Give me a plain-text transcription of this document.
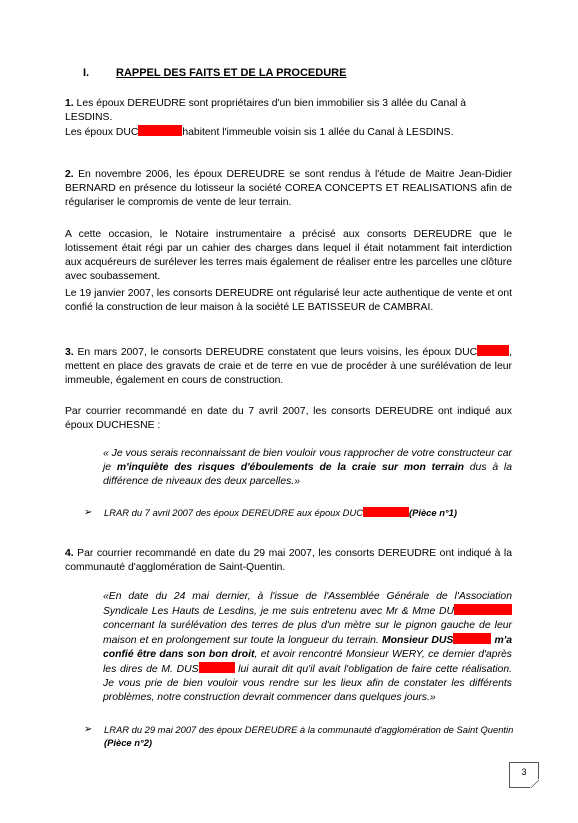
I. RAPPEL DES FAITS ET DE LA PROCEDURE

1. Les époux DEREUDRE sont propriétaires d'un bien immobilier sis 3 allée du Canal à LESDINS.

Les époux DUC	habitent l'immeuble voisin sis 1 allée du Canal à LESDINS.

2. En novembre 2006, les époux DEREUDRE se sont rendus à l'étude de Maitre Jean-Didier BERNARD en présence du lotisseur la société COREA CONCEPTS ET REALISATIONS afin de régulariser le compromis de vente de leur terrain.

A cette occasion, le Notaire instrumentaire a précisé aux consorts DEREUDRE que le lotissement était régi par un cahier des charges dans lequel il était notamment fait interdiction aux acquéreurs de surélever les terres mais également de réaliser entre les parcelles une clôture avec soubassement.

Le 19 janvier 2007, les consorts DEREUDRE ont régularisé leur acte authentique de vente et ont confié la construction de leur maison à la société LE BATISSEUR de CAMBRAI.

3. En mars 2007, le consorts DEREUDRE constatent que leurs voisins, les époux DUC	, mettent en place des gravats de craie et de terre en vue de procéder à une surélévation de leur immeuble, également en cours de construction.

Par courrier recommandé en date du 7 avril 2007, les consorts DEREUDRE ont indiqué aux époux DUCHESNE :

« Je vous serais reconnaissant de bien vouloir vous rapprocher de votre constructeur car je m'inquiète des risques d'éboulements de la craie sur mon terrain dus à la différence de niveaux des deux parcelles.»

➢ LRAR du 7 avril 2007 des époux DEREUDRE aux époux DUC	(Pièce n°1)

4. Par courrier recommandé en date du 29 mai 2007, les consorts DEREUDRE ont indiqué à la communauté d'agglomération de Saint-Quentin.

«En date du 24 mai dernier, à l'issue de l'Assemblée Générale de l'Association Syndicale Les Hauts de Lesdins, je me suis entretenu avec Mr & Mme DU concernant la surélévation des terres de plus d'un mètre sur le pignon gauche de leur maison et en prolongement sur toute la longueur du terrain. Monsieur DUS	m'a confié être dans son bon droit, et avoir rencontré Monsieur WERY, ce dernier d'après les dires de M. DUS	lui aurait dit qu'il avait l'obligation de faire cette réalisation. Je vous prie de bien vouloir vous rendre sur les lieux afin de constater les différents problèmes, notre construction devrait commencer dans quelques jours.»

➢ LRAR du 29 mai 2007 des époux DEREUDRE à la communauté d'agglomération de Saint Quentin (Pièce n°2)
3
